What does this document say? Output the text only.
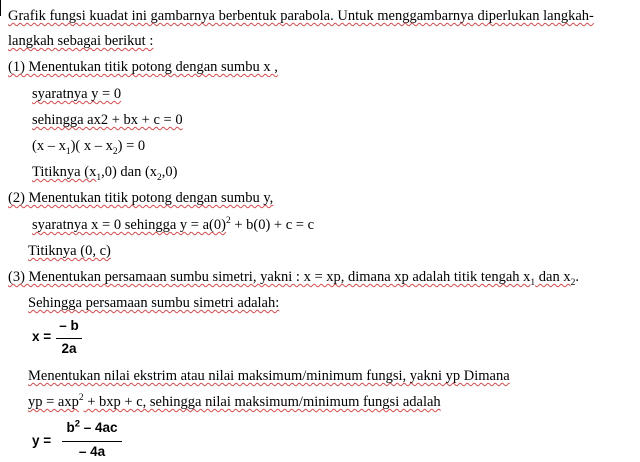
Grafik fungsi kuadat ini gambarnya berbentuk parabola. Untuk menggambarnya diperlukan langkah-
langkah sebagai berikut :
(1) Menentukan titik potong dengan sumbu x ,
syaratnya y = 0
sehingga ax2 + bx + c = 0
$(x - x_1)$( $x - x_2) = 0$
Titiknya $(x_1,0)$ dan $(x_2,0)$
(2) Menentukan titik potong dengan sumbu y,
syaratnya x = 0 sehingga $y = a(0)^2 + b(0) + c = c$
Titiknya (0, c)
(3) Menentukan persamaan sumbu simetri, yakni : x = xp, dimana xp adalah titik tengah $x_1$ dan $x_2$.
Sehingga persamaan sumbu simetri adalah:
x =
– b
2a
Menentukan nilai ekstrim atau nilai maksimum/minimum fungsi, yakni yp Dimana
yp = axp$^2$ + bxp + c, sehingga nilai maksimum/minimum fungsi adalah
y =
$b^2 - 4ac$
– 4a
